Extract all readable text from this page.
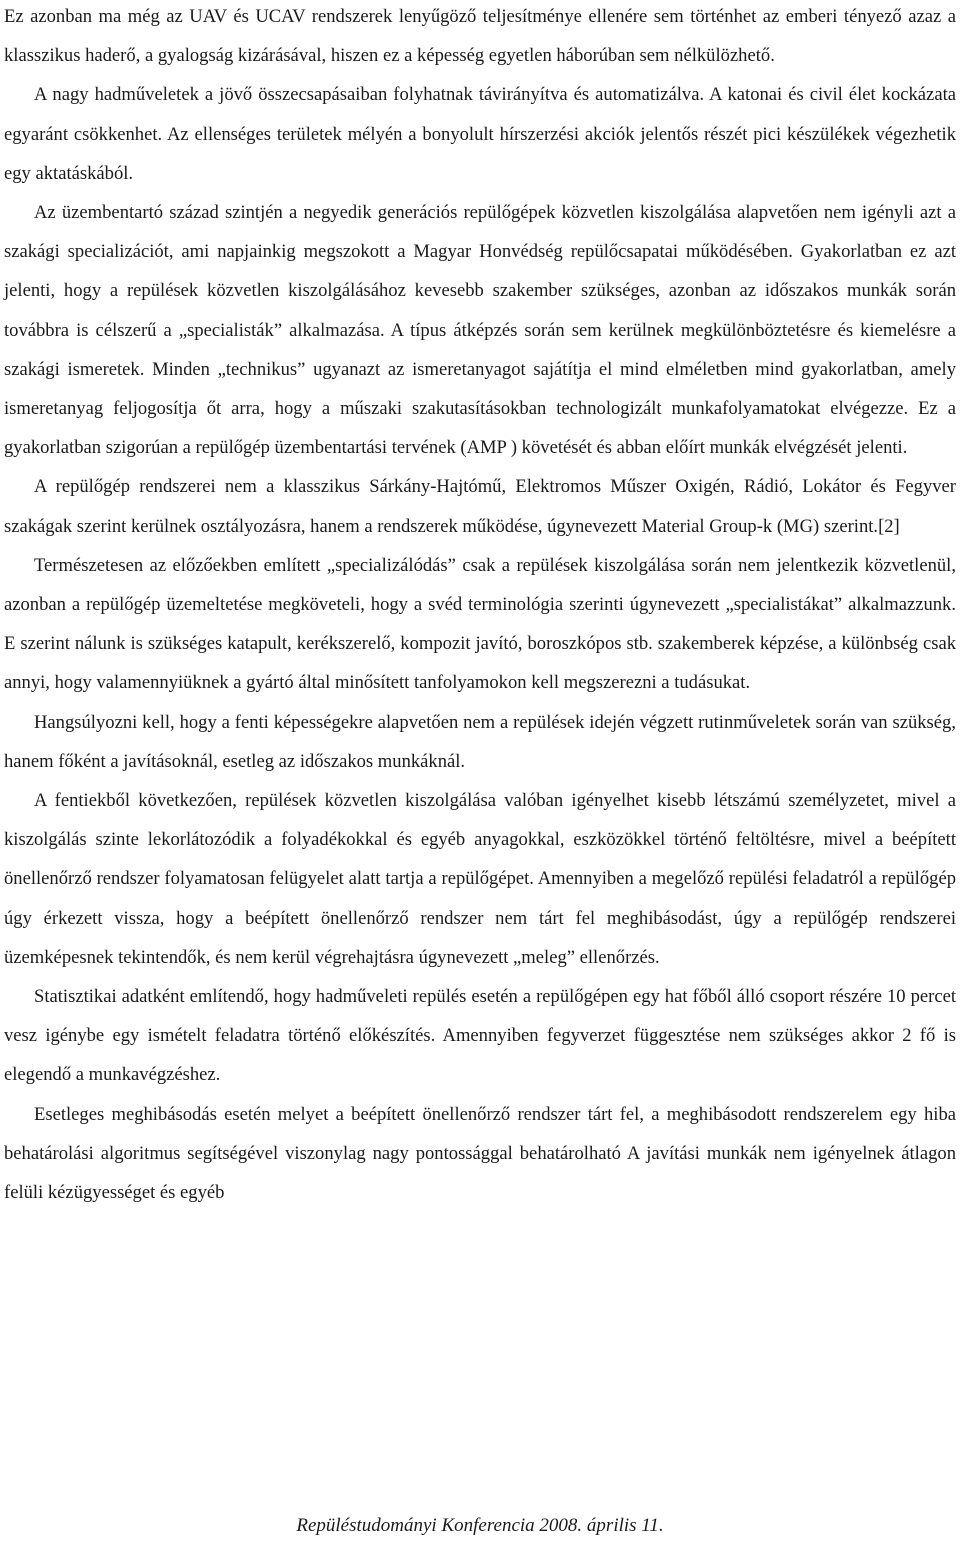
Ez azonban ma még az UAV és UCAV rendszerek lenyűgöző teljesítménye ellenére sem történhet az emberi tényező azaz a klasszikus haderő, a gyalogság kizárásával, hiszen ez a képesség egyetlen háborúban sem nélkülözhető.

A nagy hadműveletek a jövő összecsapásaiban folyhatnak távirányítva és automatizálva. A katonai és civil élet kockázata egyaránt csökkenhet. Az ellenséges területek mélyén a bonyolult hírszerzési akciók jelentős részét pici készülékek végezhetik egy aktatáskából.

Az üzembentartó század szintjén a negyedik generációs repülőgépek közvetlen kiszolgálása alapvetően nem igényli azt a szakági specializációt, ami napjainkig megszokott a Magyar Honvédség repülőcsapatai működésében. Gyakorlatban ez azt jelenti, hogy a repülések közvetlen kiszolgálásához kevesebb szakember szükséges, azonban az időszakos munkák során továbbra is célszerű a „specialisták” alkalmazása. A típus átképzés során sem kerülnek megkülönböztetésre és kiemelésre a szakági ismeretek. Minden „technikus” ugyanazt az ismeretanyagot sajátítja el mind elméletben mind gyakorlatban, amely ismeretanyag feljogosítja őt arra, hogy a műszaki szakutasításokban technologizált munkafolyamatokat elvégezze. Ez a gyakorlatban szigorúan a repülőgép üzembentartási tervének (AMP ) követését és abban előírt munkák elvégzését jelenti.

A repülőgép rendszerei nem a klasszikus Sárkány-Hajtómű, Elektromos Műszer Oxigén, Rádió, Lokátor és Fegyver szakágak szerint kerülnek osztályozásra, hanem a rendszerek működése, úgynevezett Material Group-k (MG) szerint.[2]

Természetesen az előzőekben említett „specializálódás” csak a repülések kiszolgálása során nem jelentkezik közvetlenül, azonban a repülőgép üzemeltetése megköveteli, hogy a svéd terminológia szerinti úgynevezett „specialistákat” alkalmazzunk. E szerint nálunk is szükséges katapult, kerékszerelő, kompozit javító, boroszkópos stb. szakemberek képzése, a különbség csak annyi, hogy valamennyiüknek a gyártó által minősített tanfolyamokon kell megszerezni a tudásukat.

Hangsúlyozni kell, hogy a fenti képességekre alapvetően nem a repülések idején végzett rutinműveletek során van szükség, hanem főként a javításoknál, esetleg az időszakos munkáknál.

A fentiekből következően, repülések közvetlen kiszolgálása valóban igényelhet kisebb létszámú személyzetet, mivel a kiszolgálás szinte lekorlátozódik a folyadékokkal és egyéb anyagokkal, eszközökkel történő feltöltésre, mivel a beépített önellenőrző rendszer folyamatosan felügyelet alatt tartja a repülőgépet. Amennyiben a megelőző repülési feladatról a repülőgép úgy érkezett vissza, hogy a beépített önellenőrző rendszer nem tárt fel meghibásodást, úgy a repülőgép rendszerei üzemképesnek tekintendők, és nem kerül végrehajtásra úgynevezett „meleg” ellenőrzés.

Statisztikai adatként említendő, hogy hadműveleti repülés esetén a repülőgépen egy hat főből álló csoport részére 10 percet vesz igénybe egy ismételt feladatra történő előkészítés. Amennyiben fegyverzet függesztése nem szükséges akkor 2 fő is elegendő a munkavégzéshez.

Esetleges meghibásodás esetén melyet a beépített önellenőrző rendszer tárt fel, a meghibásodott rendszerelem egy hiba behatárolási algoritmus segítségével viszonylag nagy pontossággal behatárolható A javítási munkák nem igényelnek átlagon felüli kézügyességet és egyéb

Repüléstudományi Konferencia 2008. április 11.
